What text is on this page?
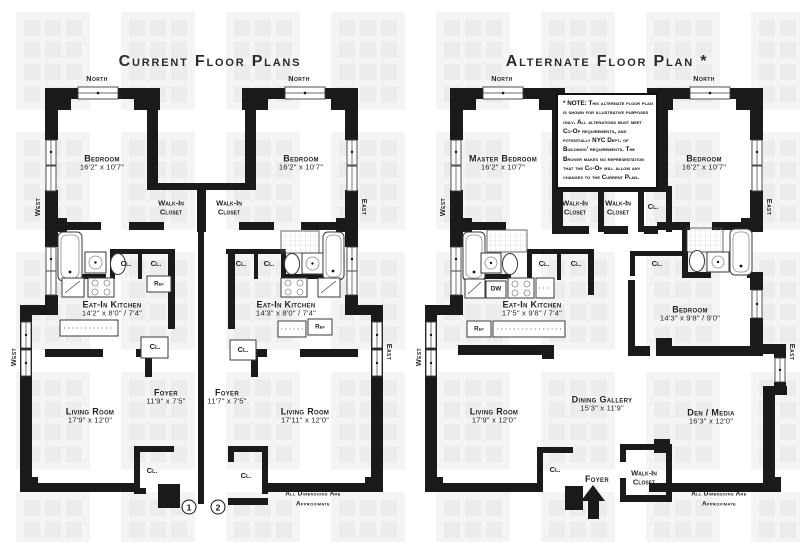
Current Floor Plans
North	North
West
West
East
East
Bedroom
16'2" x 10'7"
Bedroom
16'2" x 10'7"
Walk-In Closet
Walk-In Closet
Cl.	Cl.
Ref
Eat-In Kitchen
14'2" x 8'0" / 7'4"
Cl.
Cl. Cl.
Eat-In Kitchen
14'3" x 8'0" / 7'4"
Ref
Cl.
Foyer
11'9" x 7'5"
Foyer
11'7" x 7'5"
Living Room
17'9" x 12'0"
Living Room
17'11" x 12'0"
Cl.
Cl.
1	2
All Dimensions Are Approximate
Alternate Floor Plan *
* NOTE: This alternate floor plan is shown for illustrative purposes only. All alterations must meet Co-Op requirements, and potentially NYC Dept. of Buildings' requirements. The Broker makes no representation that the Co-Op will allow any changes to the Current Plan.
North	North
West
West
East
East
Master Bedroom
16'2" x 10'7"
Bedroom
16'2" x 10'7"
Walk-In Closet
Walk-In Closet
Cl.
Cl.	Cl.	Cl.
DW
Eat-In Kitchen
17'5" x 9'8" / 7'4"
Ref
Bedroom
14'3" x 9'8" / 9'0"
Living Room
17'9" x 12'0"
Dining Gallery
15'3" x 11'9"	Den / Media
16'3" x 12'0"
Cl.
Foyer
Walk-In Closet
All Dimensions Are Approximate
